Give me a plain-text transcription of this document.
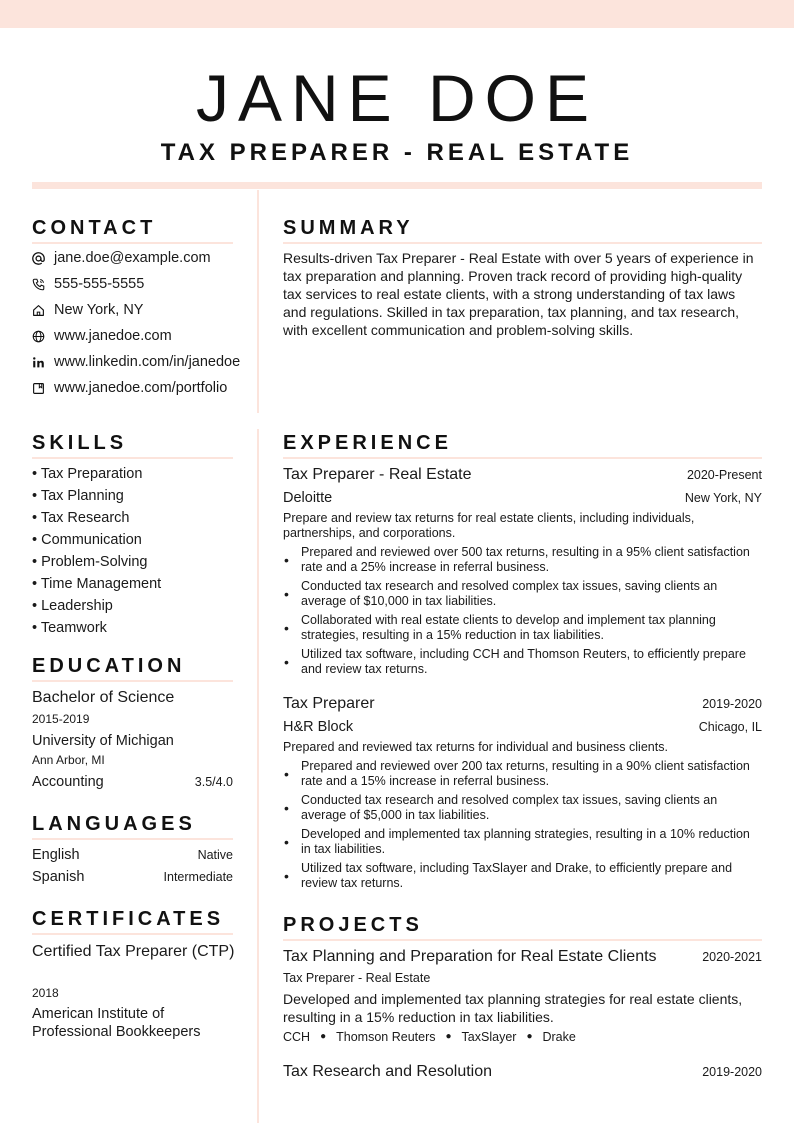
JANE DOE
TAX PREPARER - REAL ESTATE
CONTACT
jane.doe@example.com
555-555-5555
New York, NY
www.janedoe.com
www.linkedin.com/in/janedoe
www.janedoe.com/portfolio
SUMMARY
Results-driven Tax Preparer - Real Estate with over 5 years of experience in tax preparation and planning. Proven track record of providing high-quality tax services to real estate clients, with a strong understanding of tax laws and regulations. Skilled in tax preparation, tax planning, and tax research, with excellent communication and problem-solving skills.
SKILLS
• Tax Preparation
• Tax Planning
• Tax Research
• Communication
• Problem-Solving
• Time Management
• Leadership
• Teamwork
EDUCATION
Bachelor of Science
2015-2019
University of Michigan
Ann Arbor, MI
Accounting	3.5/4.0
LANGUAGES
English	Native
Spanish	Intermediate
CERTIFICATES
Certified Tax Preparer (CTP)
2018
American Institute of Professional Bookkeepers
EXPERIENCE
Tax Preparer - Real Estate	2020-Present
Deloitte	New York, NY
Prepare and review tax returns for real estate clients, including individuals, partnerships, and corporations.
• Prepared and reviewed over 500 tax returns, resulting in a 95% client satisfaction rate and a 25% increase in referral business.
• Conducted tax research and resolved complex tax issues, saving clients an average of $10,000 in tax liabilities.
• Collaborated with real estate clients to develop and implement tax planning strategies, resulting in a 15% reduction in tax liabilities.
• Utilized tax software, including CCH and Thomson Reuters, to efficiently prepare and review tax returns.
Tax Preparer	2019-2020
H&R Block	Chicago, IL
Prepared and reviewed tax returns for individual and business clients.
• Prepared and reviewed over 200 tax returns, resulting in a 90% client satisfaction rate and a 15% increase in referral business.
• Conducted tax research and resolved complex tax issues, saving clients an average of $5,000 in tax liabilities.
• Developed and implemented tax planning strategies, resulting in a 10% reduction in tax liabilities.
• Utilized tax software, including TaxSlayer and Drake, to efficiently prepare and review tax returns.
PROJECTS
Tax Planning and Preparation for Real Estate Clients	2020-2021
Tax Preparer - Real Estate
Developed and implemented tax planning strategies for real estate clients, resulting in a 15% reduction in tax liabilities.
CCH ● Thomson Reuters ● TaxSlayer ● Drake
Tax Research and Resolution	2019-2020
